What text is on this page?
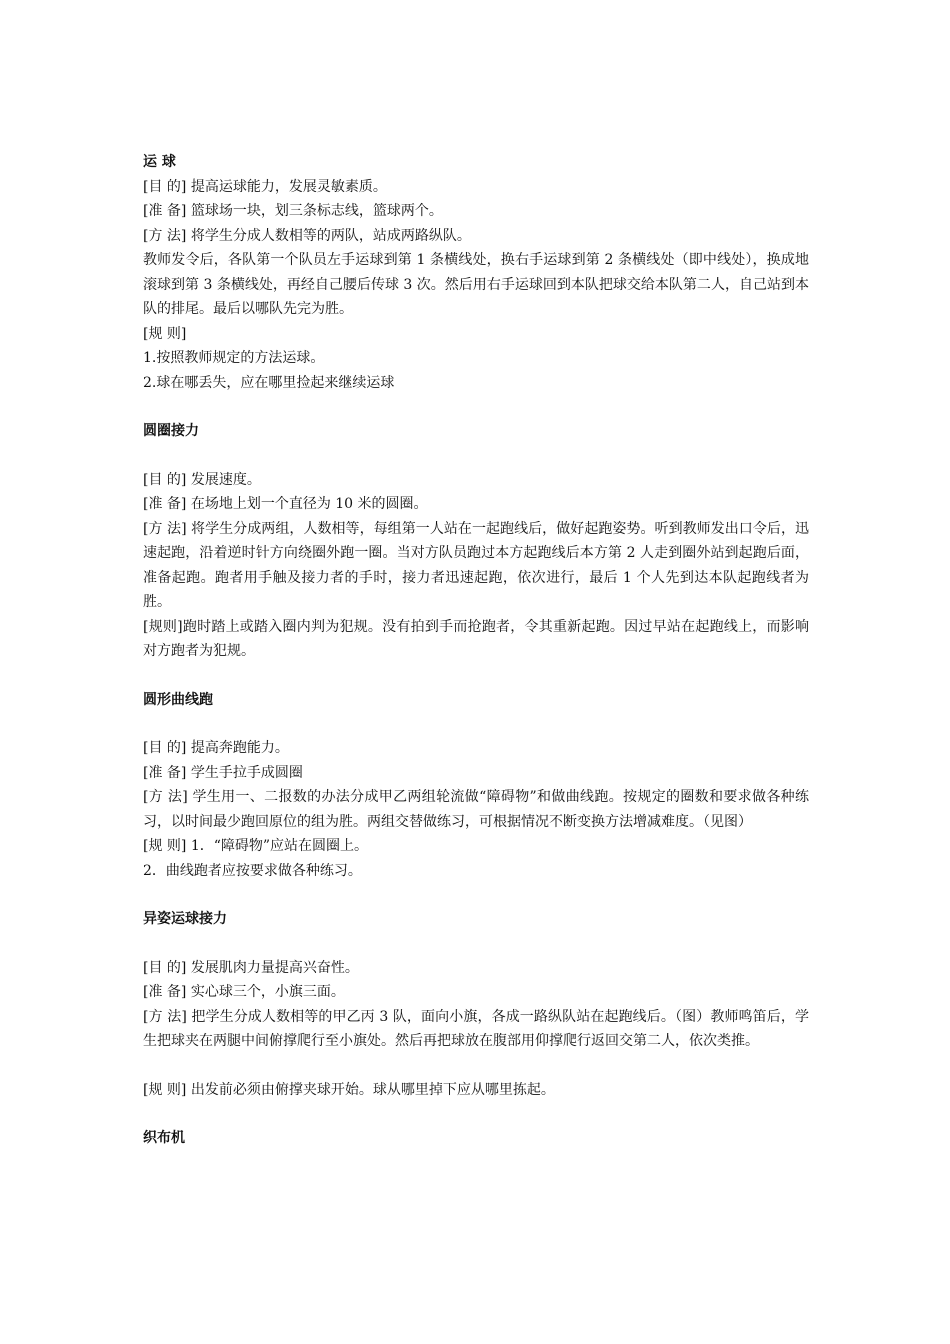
运 球

[目 的] 提高运球能力，发展灵敏素质。

[准 备] 篮球场一块，划三条标志线，篮球两个。

[方 法] 将学生分成人数相等的两队，站成两路纵队。

教师发令后，各队第一个队员左手运球到第 1 条横线处，换右手运球到第 2 条横线处（即中线处），换成地滚球到第 3 条横线处，再经自己腰后传球 3 次。然后用右手运球回到本队把球交给本队第二人，自己站到本队的排尾。最后以哪队先完为胜。

[规 则]

1.按照教师规定的方法运球。

2.球在哪丢失，应在哪里捡起来继续运球

圆圈接力

[目 的] 发展速度。

[准 备] 在场地上划一个直径为 10 米的圆圈。

[方 法] 将学生分成两组，人数相等，每组第一人站在一起跑线后，做好起跑姿势。听到教师发出口令后，迅速起跑，沿着逆时针方向绕圈外跑一圈。当对方队员跑过本方起跑线后本方第 2 人走到圈外站到起跑后面，准备起跑。跑者用手触及接力者的手时，接力者迅速起跑，依次进行，最后 1 个人先到达本队起跑线者为胜。

[规则]跑时踏上或踏入圈内判为犯规。没有拍到手而抢跑者，令其重新起跑。因过早站在起跑线上，而影响对方跑者为犯规。

圆形曲线跑

[目 的] 提高奔跑能力。

[准 备] 学生手拉手成圆圈

[方 法] 学生用一、二报数的办法分成甲乙两组轮流做“障碍物”和做曲线跑。按规定的圈数和要求做各种练习，以时间最少跑回原位的组为胜。两组交替做练习，可根据情况不断变换方法增减难度。（见图）

[规 则] 1．“障碍物”应站在圆圈上。

2．曲线跑者应按要求做各种练习。

异姿运球接力

[目 的] 发展肌肉力量提高兴奋性。

[准 备] 实心球三个，小旗三面。

[方 法] 把学生分成人数相等的甲乙丙 3 队，面向小旗，各成一路纵队站在起跑线后。（图）教师鸣笛后，学生把球夹在两腿中间俯撑爬行至小旗处。然后再把球放在腹部用仰撑爬行返回交第二人，依次类推。

[规 则] 出发前必须由俯撑夹球开始。球从哪里掉下应从哪里拣起。

织布机
